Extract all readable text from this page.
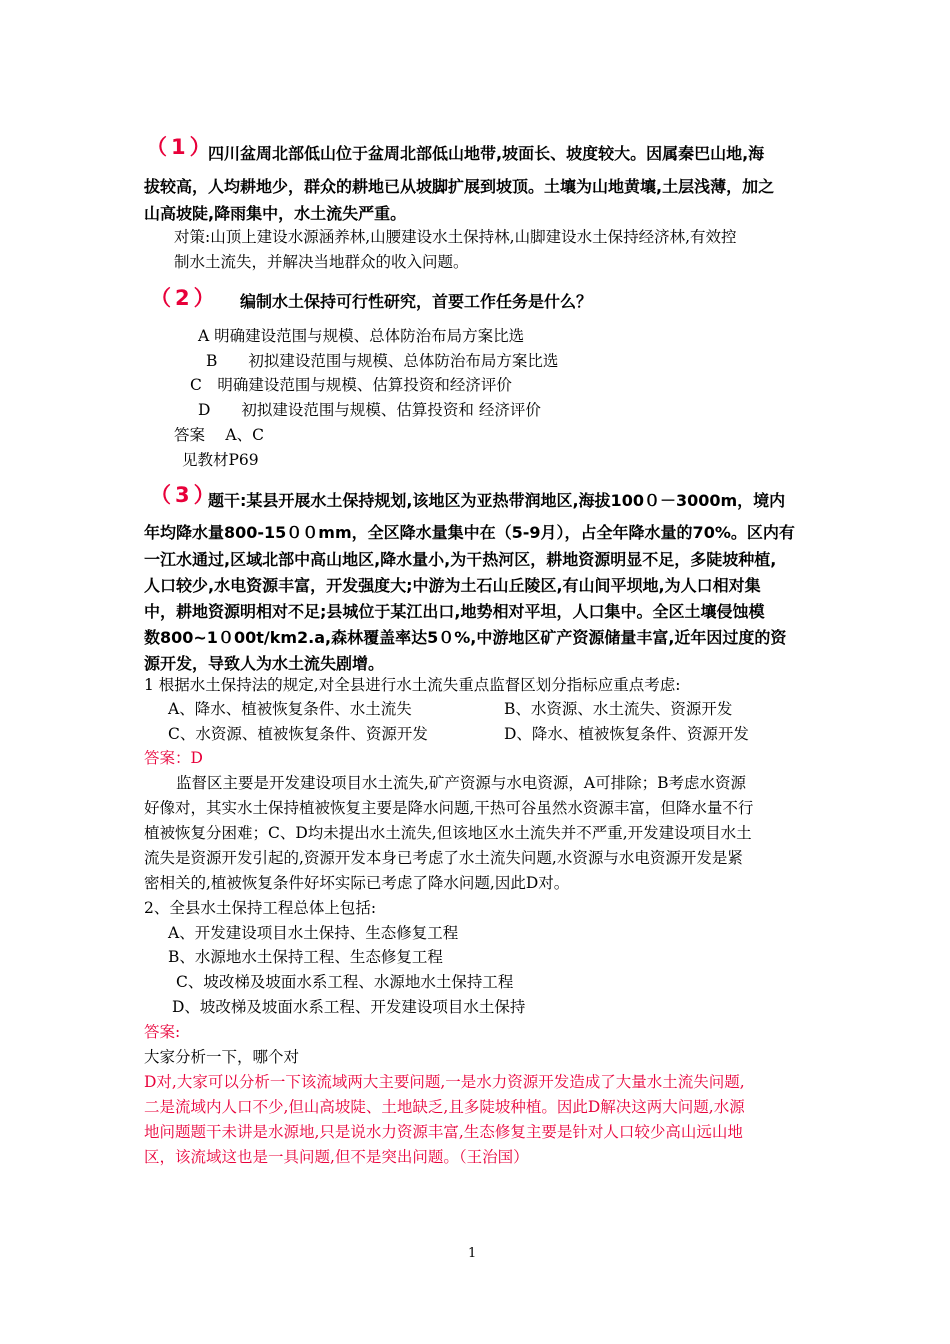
（1）
四川盆周北部低山位于盆周北部低山地带,坡面长、坡度较大。因属秦巴山地,海
拔较高，人均耕地少，群众的耕地已从坡脚扩展到坡顶。土壤为山地黄壤,土层浅薄，加之
山高坡陡,降雨集中，水土流失严重。
对策:山顶上建设水源涵养林,山腰建设水土保持林,山脚建设水土保持经济林,有效控
制水土流失，并解决当地群众的收入问题。
（2） 编制水土保持可行性研究，首要工作任务是什么？
A 明确建设范围与规模、总体防治布局方案比选
B　　初拟建设范围与规模、总体防治布局方案比选
C　明确建设范围与规模、估算投资和经济评价
D　　初拟建设范围与规模、估算投资和 经济评价
答案　 A、C
见教材P69
（3）
题干:某县开展水土保持规划,该地区为亚热带润地区,海拔100０－3000m，境内
年均降水量800-15００mm，全区降水量集中在（5-9月），占全年降水量的70%。区内有
一江水通过,区域北部中高山地区,降水量小,为干热河区，耕地资源明显不足，多陡坡种植,
人口较少,水电资源丰富，开发强度大;中游为土石山丘陵区,有山间平坝地,为人口相对集
中，耕地资源明相对不足;县城位于某江出口,地势相对平坦，人口集中。全区土壤侵蚀模
数800~1０00t/km2.a,森林覆盖率达5０%,中游地区矿产资源储量丰富,近年因过度的资
源开发，导致人为水土流失剧增。
1 根据水土保持法的规定,对全县进行水土流失重点监督区划分指标应重点考虑:
A、降水、植被恢复条件、水土流失	B、水资源、水土流失、资源开发
C、水资源、植被恢复条件、资源开发	D、降水、植被恢复条件、资源开发
答案：D
监督区主要是开发建设项目水土流失,矿产资源与水电资源，A可排除；B考虑水资源
好像对，其实水土保持植被恢复主要是降水问题,干热可谷虽然水资源丰富，但降水量不行
植被恢复分困难；C、D均未提出水土流失,但该地区水土流失并不严重,开发建设项目水土
流失是资源开发引起的,资源开发本身已考虑了水土流失问题,水资源与水电资源开发是紧
密相关的,植被恢复条件好坏实际已考虑了降水问题,因此D对。
2、全县水土保持工程总体上包括:
A、开发建设项目水土保持、生态修复工程
B、水源地水土保持工程、生态修复工程
C、坡改梯及坡面水系工程、水源地水土保持工程
D、坡改梯及坡面水系工程、开发建设项目水土保持
答案:
大家分析一下，哪个对
D对,大家可以分析一下该流域两大主要问题,一是水力资源开发造成了大量水土流失问题,
二是流域内人口不少,但山高坡陡、土地缺乏,且多陡坡种植。因此D解决这两大问题,水源
地问题题干未讲是水源地,只是说水力资源丰富,生态修复主要是针对人口较少高山远山地
区，该流域这也是一具问题,但不是突出问题。（王治国）
1
